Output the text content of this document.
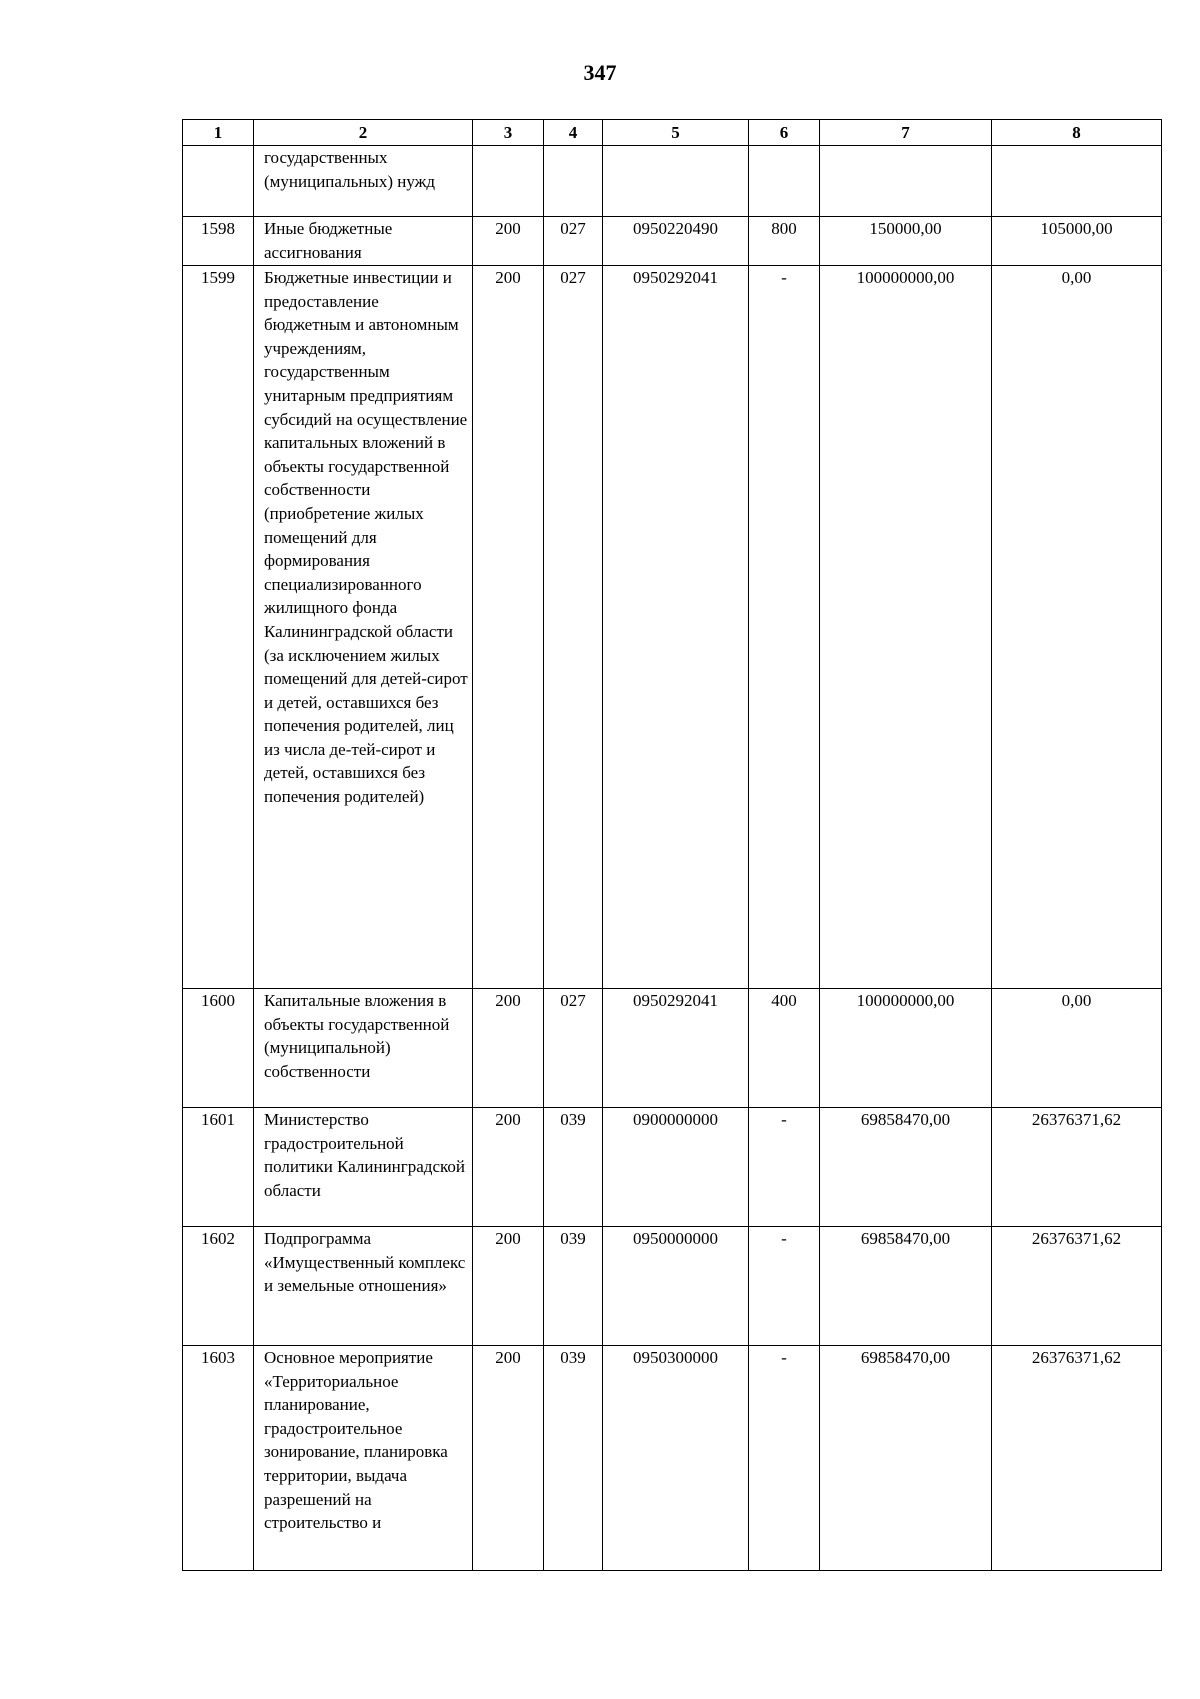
347
1	2	3	4	5	6	7	8
	государственных (муниципальных) нужд						
1598	Иные бюджетные ассигнования	200	027	0950220490	800	150000,00	105000,00
1599	Бюджетные инвестиции и предоставление бюджетным и автономным учреждениям, государственным унитарным предприятиям субсидий на осуществление капитальных вложений в объекты государственной собственности (приобретение жилых помещений для формирования специализированного жилищного фонда Калининградской области (за исключением жилых помещений для детей-сирот и детей, оставшихся без попечения родителей, лиц из числа де-тей-сирот и детей, оставшихся без попечения родителей)	200	027	0950292041	-	100000000,00	0,00
1600	Капитальные вложения в объекты государственной (муниципальной) собственности	200	027	0950292041	400	100000000,00	0,00
1601	Министерство градостроительной политики Калининградской области	200	039	0900000000	-	69858470,00	26376371,62
1602	Подпрограмма «Имущественный комплекс и земельные отношения»	200	039	0950000000	-	69858470,00	26376371,62
1603	Основное мероприятие «Территориальное планирование, градостроительное зонирование, планировка территории, выдача разрешений на строительство и	200	039	0950300000	-	69858470,00	26376371,62
